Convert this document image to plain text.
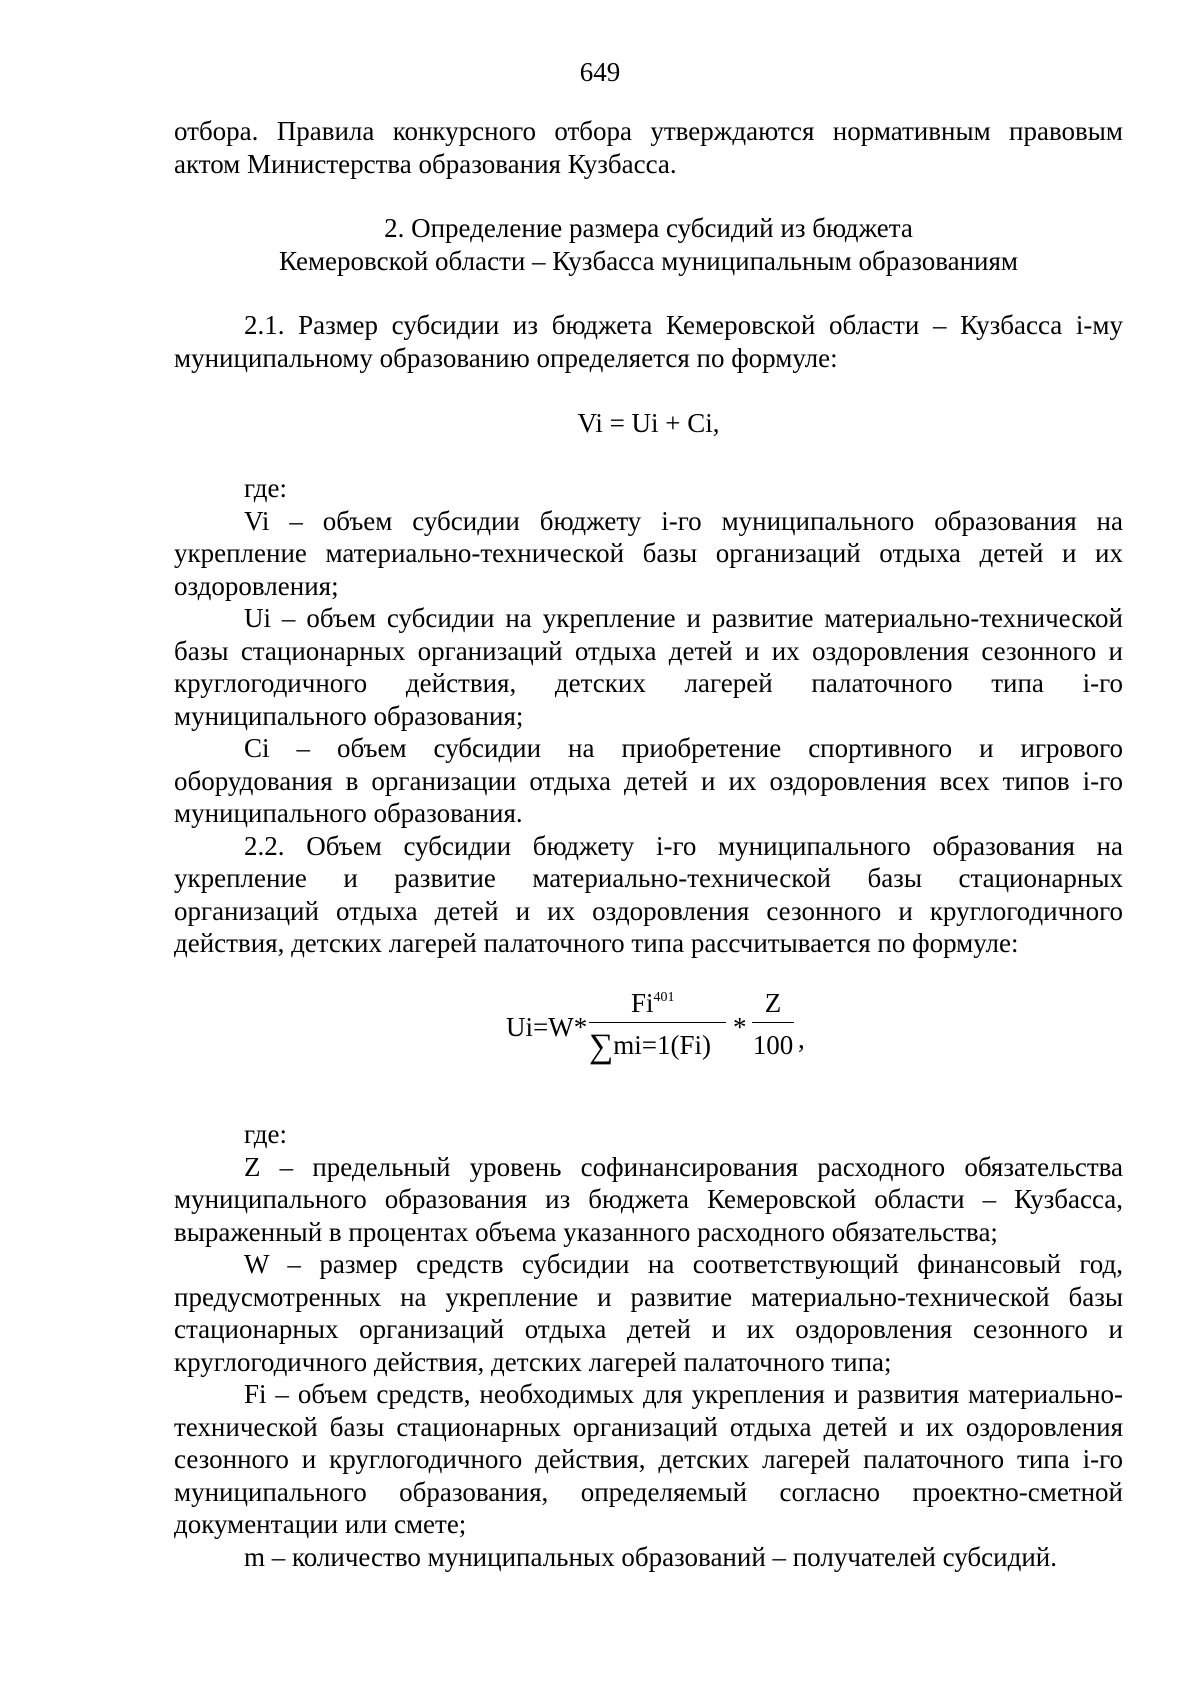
649

отбора. Правила конкурсного отбора утверждаются нормативным правовым актом Министерства образования Кузбасса.

2. Определение размера субсидий из бюджета

Кемеровской области – Кузбасса муниципальным образованиям

2.1. Размер субсидии из бюджета Кемеровской области – Кузбасса i-му муниципальному образованию определяется по формуле:

Vi = Ui + Ci,

где:

Vi – объем субсидии бюджету i-го муниципального образования на укрепление материально-технической базы организаций отдыха детей и их оздоровления;

Ui – объем субсидии на укрепление и развитие материально-технической базы стационарных организаций отдыха детей и их оздоровления сезонного и круглогодичного действия, детских лагерей палаточного типа i-го муниципального образования;

Ci – объем субсидии на приобретение спортивного и игрового оборудования в организации отдыха детей и их оздоровления всех типов i-го муниципального образования.

2.2. Объем субсидии бюджету i-го муниципального образования на укрепление и развитие материально-технической базы стационарных организаций отдыха детей и их оздоровления сезонного и круглогодичного действия, детских лагерей палаточного типа рассчитывается по формуле:

Ui=W*
Fi$^{401}$
∑mi=1(Fi)
*
Z
100 ,

где:

Z – предельный уровень софинансирования расходного обязательства муниципального образования из бюджета Кемеровской области – Кузбасса, выраженный в процентах объема указанного расходного обязательства;

W – размер средств субсидии на соответствующий финансовый год, предусмотренных на укрепление и развитие материально-технической базы стационарных организаций отдыха детей и их оздоровления сезонного и круглогодичного действия, детских лагерей палаточного типа;

Fi – объем средств, необходимых для укрепления и развития материально-технической базы стационарных организаций отдыха детей и их оздоровления сезонного и круглогодичного действия, детских лагерей палаточного типа i-го муниципального образования, определяемый согласно проектно-сметной документации или смете;

m – количество муниципальных образований – получателей субсидий.
